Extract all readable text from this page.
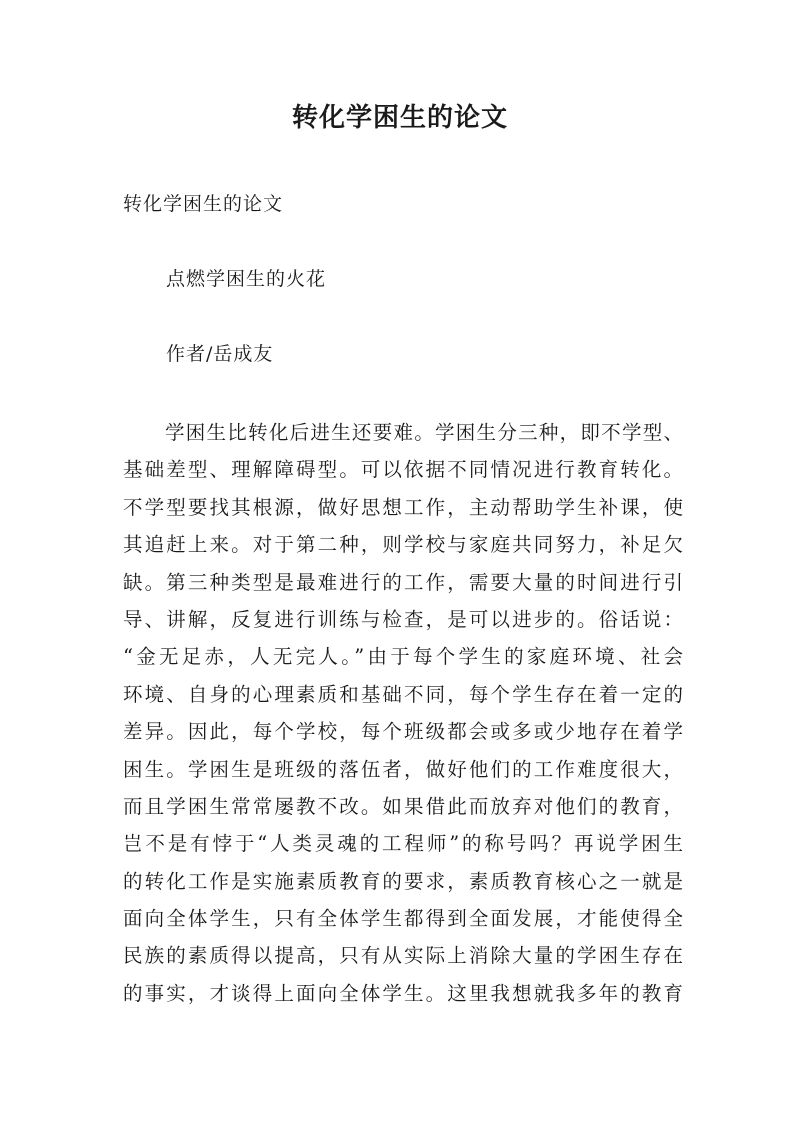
转化学困生的论文
转化学困生的论文
点燃学困生的火花
作者/岳成友
学困生比转化后进生还要难。学困生分三种，即不学型、
基础差型、理解障碍型。可以依据不同情况进行教育转化。
不学型要找其根源，做好思想工作，主动帮助学生补课，使
其追赶上来。对于第二种，则学校与家庭共同努力，补足欠
缺。第三种类型是最难进行的工作，需要大量的时间进行引
导、讲解，反复进行训练与检查，是可以进步的。俗话说：
“金无足赤，人无完人。”由于每个学生的家庭环境、社会
环境、自身的心理素质和基础不同，每个学生存在着一定的
差异。因此，每个学校，每个班级都会或多或少地存在着学
困生。学困生是班级的落伍者，做好他们的工作难度很大，
而且学困生常常屡教不改。如果借此而放弃对他们的教育，
岂不是有悖于“人类灵魂的工程师”的称号吗？再说学困生
的转化工作是实施素质教育的要求，素质教育核心之一就是
面向全体学生，只有全体学生都得到全面发展，才能使得全
民族的素质得以提高，只有从实际上消除大量的学困生存在
的事实，才谈得上面向全体学生。这里我想就我多年的教育
